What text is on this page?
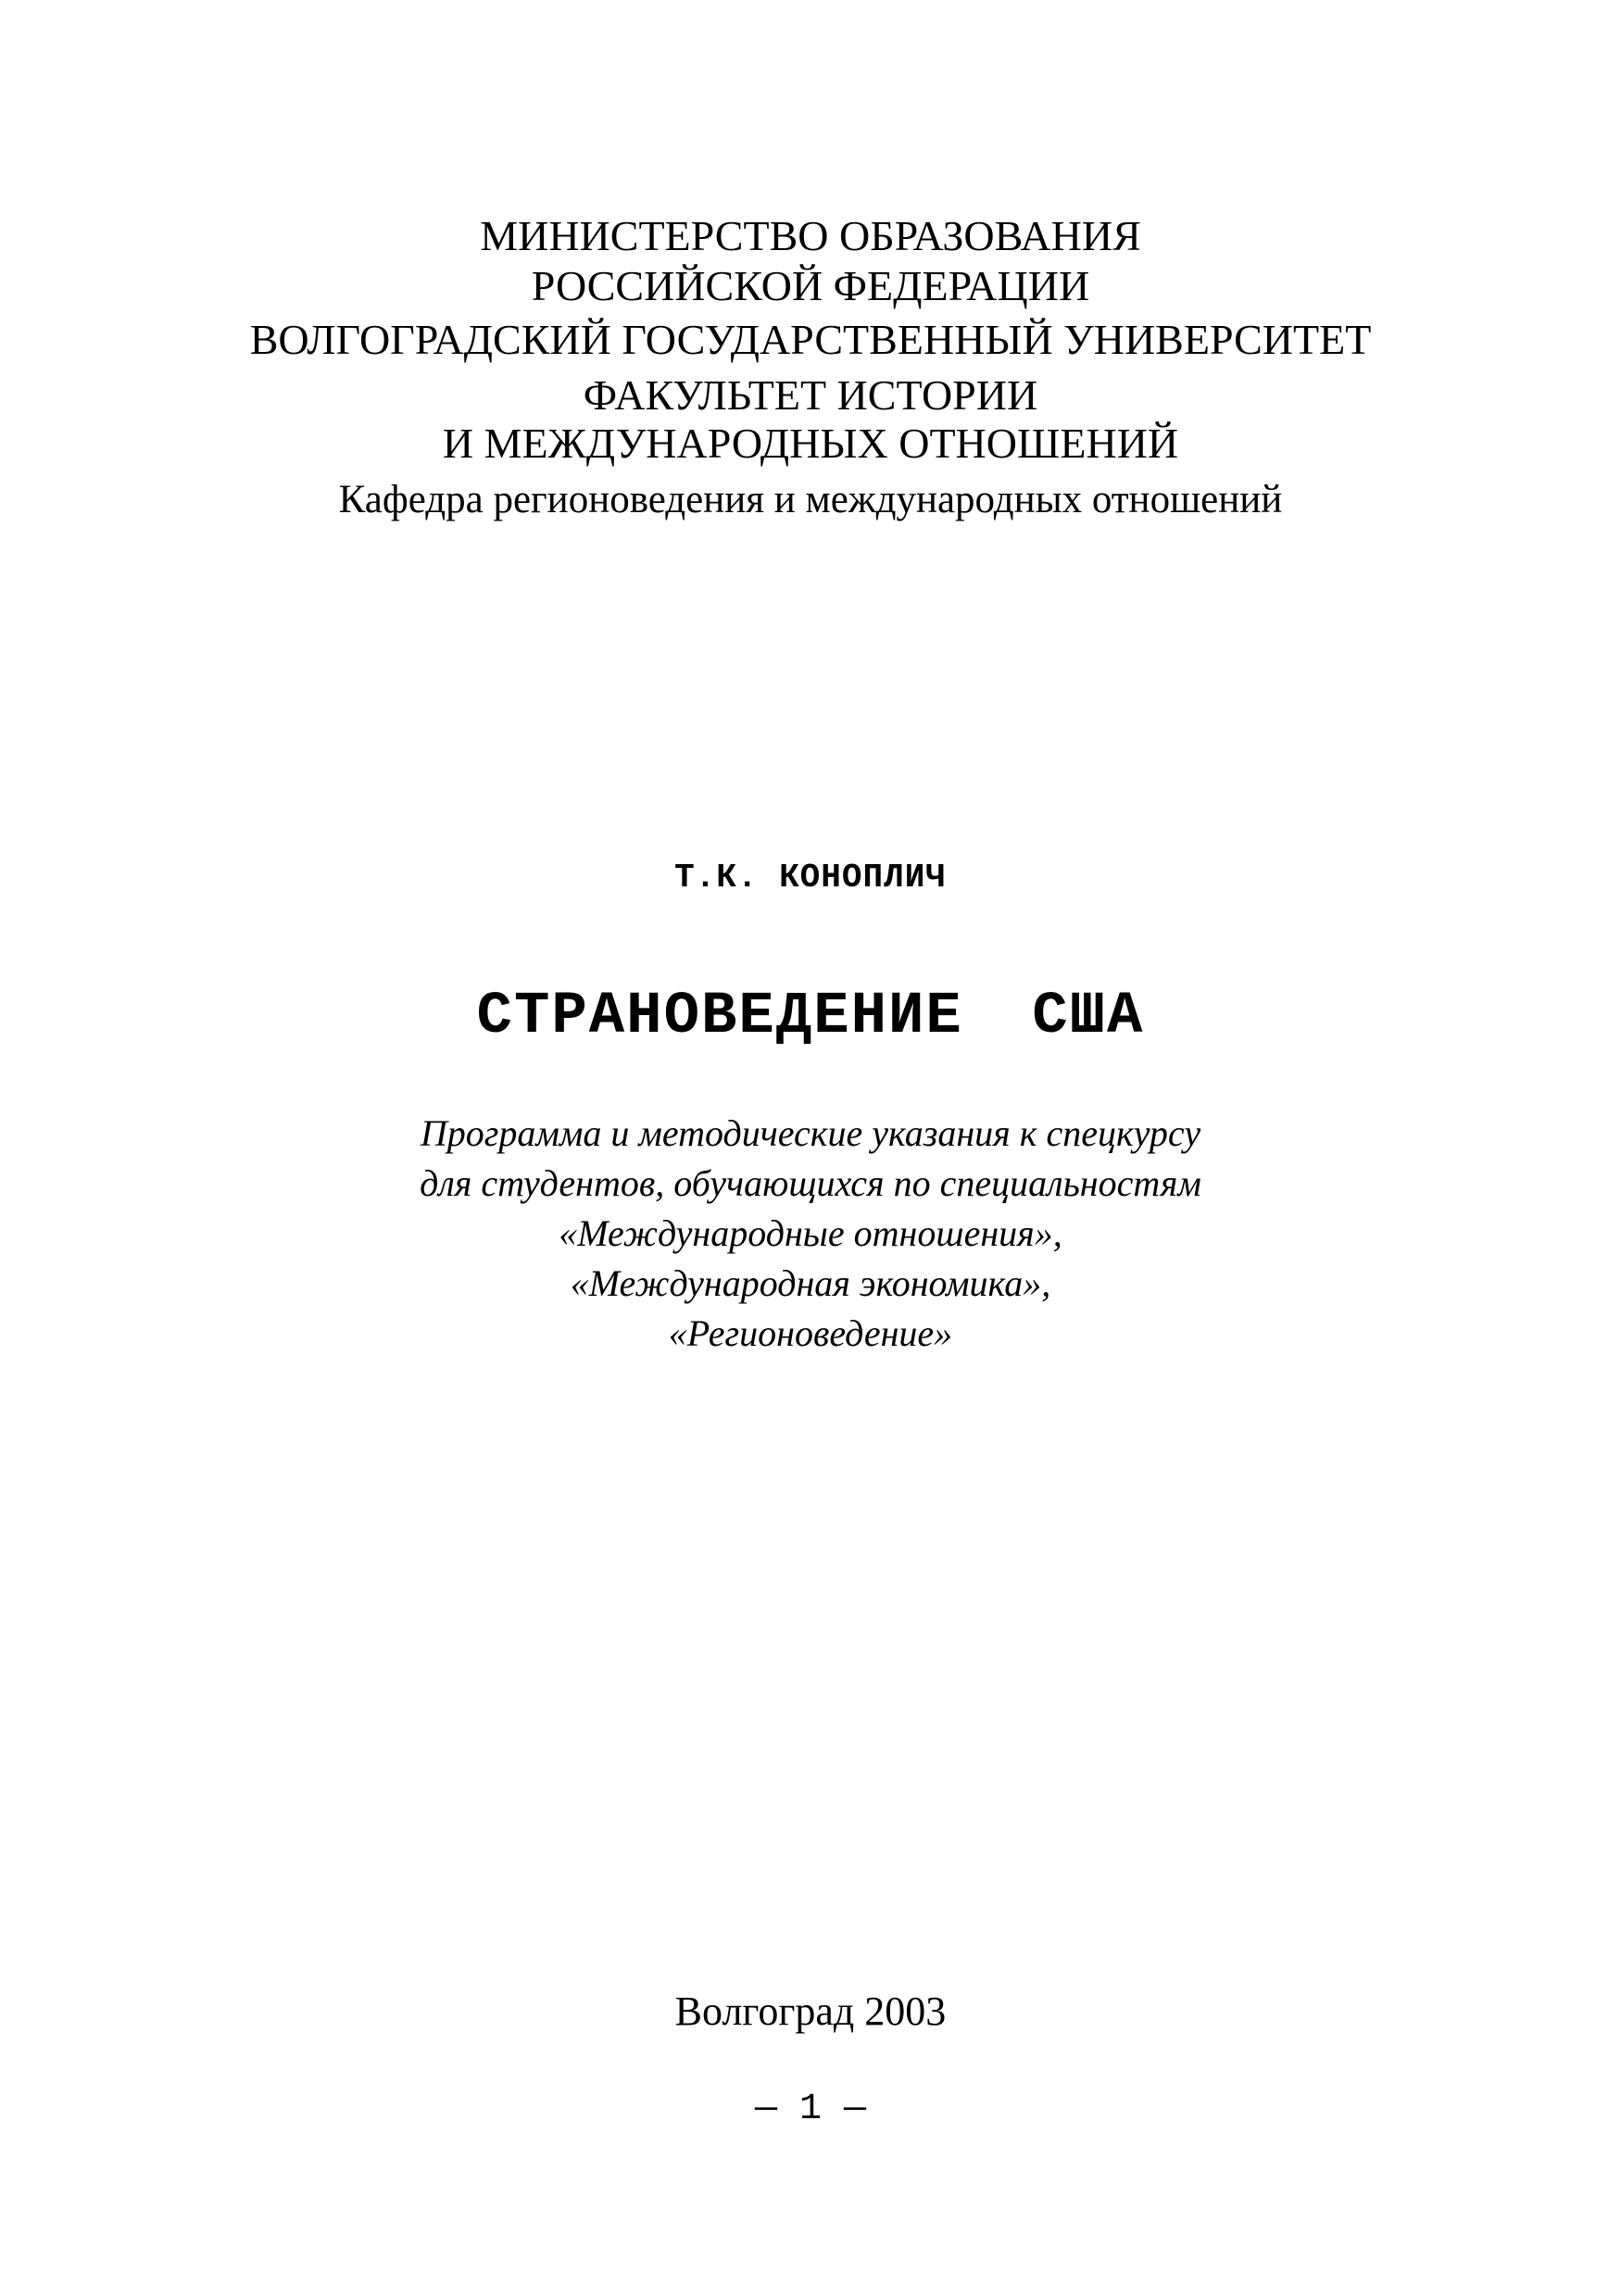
МИНИСТЕРСТВО ОБРАЗОВАНИЯ
РОССИЙСКОЙ ФЕДЕРАЦИИ
ВОЛГОГРАДСКИЙ ГОСУДАРСТВЕННЫЙ УНИВЕРСИТЕТ
ФАКУЛЬТЕТ ИСТОРИИ
И МЕЖДУНАРОДНЫХ ОТНОШЕНИЙ
Кафедра регионоведения и международных отношений
Т.К. КОНОПЛИЧ
СТРАНОВЕДЕНИЕ США
Программа и методические указания к спецкурсу
для студентов, обучающихся по специальностям
«Международные отношения»,
«Международная экономика»,
«Регионоведение»
Волгоград 2003
— 1 —
